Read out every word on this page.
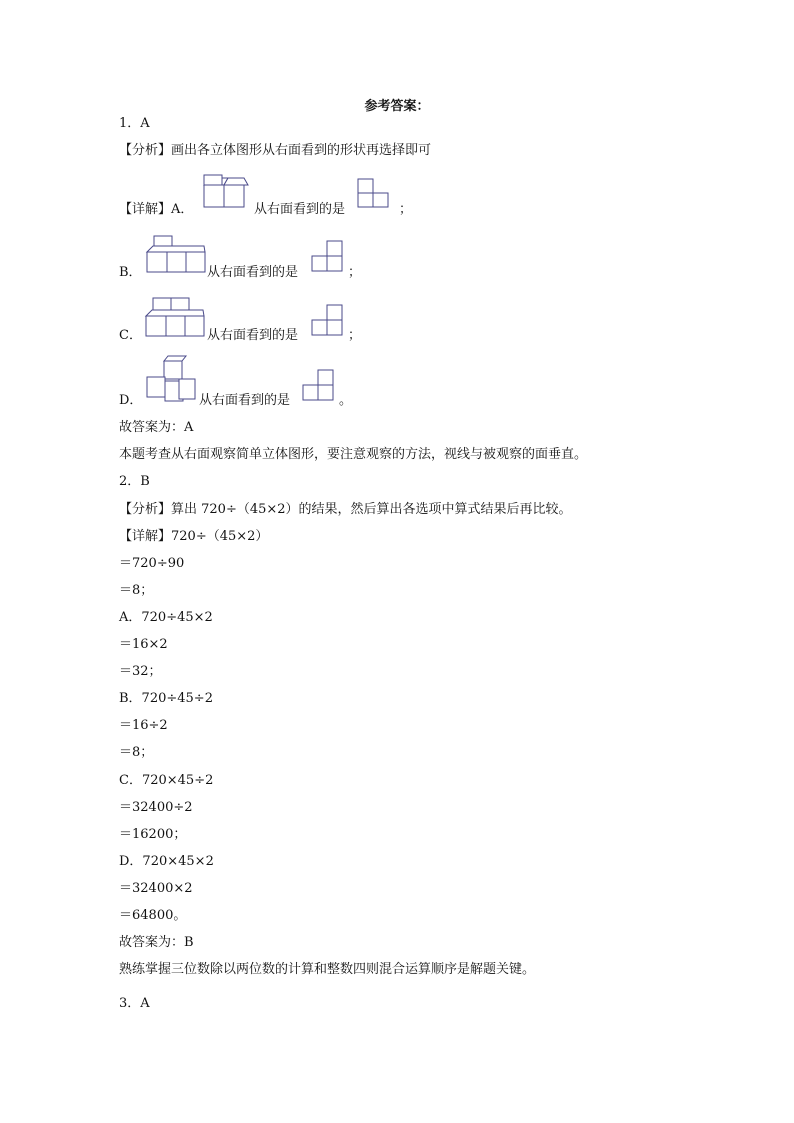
参考答案：
1．A
【分析】画出各立体图形从右面看到的形状再选择即可
【详解】A．	从右面看到的是	；
B．	从右面看到的是	；
C．	从右面看到的是	；
D．	从右面看到的是	。
故答案为：A
本题考查从右面观察简单立体图形，要注意观察的方法，视线与被观察的面垂直。
2．B
【分析】算出 720÷（45×2）的结果，然后算出各选项中算式结果后再比较。
【详解】720÷（45×2）
＝720÷90
＝8；
A．720÷45×2
＝16×2
＝32；
B．720÷45÷2
＝16÷2
＝8；
C．720×45÷2
＝32400÷2
＝16200；
D．720×45×2
＝32400×2
＝64800。
故答案为：B
熟练掌握三位数除以两位数的计算和整数四则混合运算顺序是解题关键。
3．A
